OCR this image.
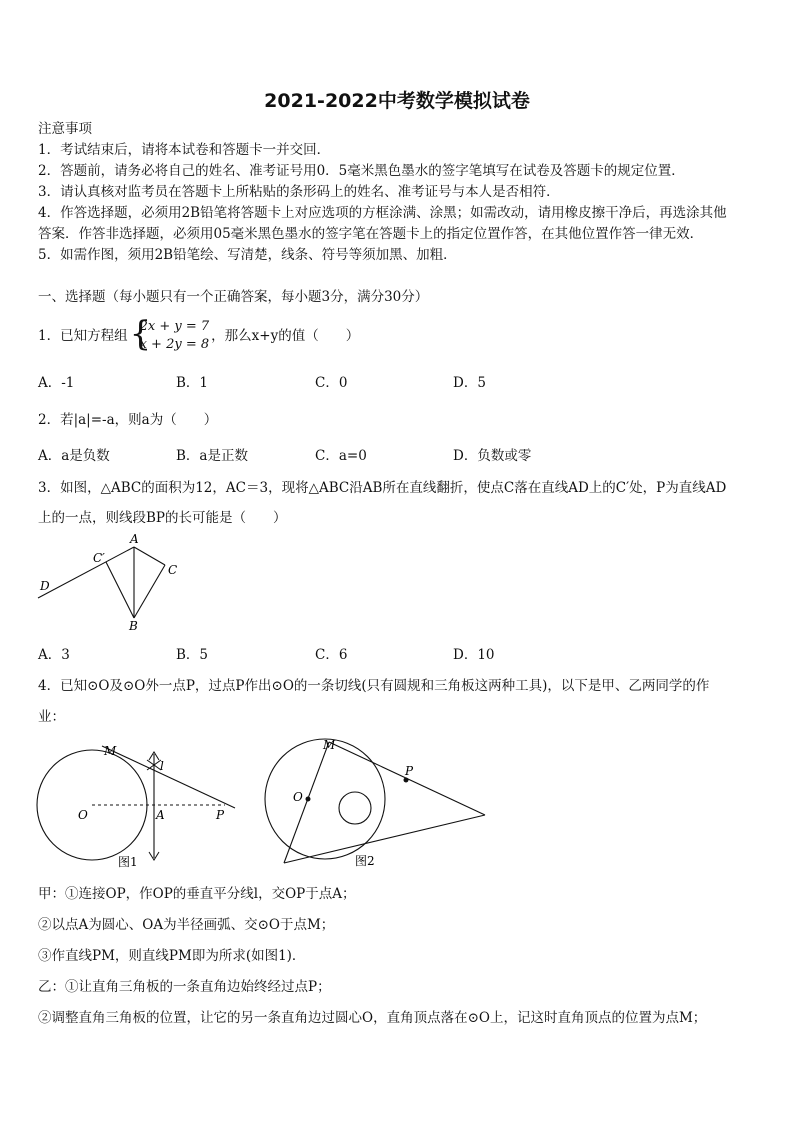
2021-2022中考数学模拟试卷
注意事项
1．考试结束后，请将本试卷和答题卡一并交回．
2．答题前，请务必将自己的姓名、准考证号用0．5毫米黑色墨水的签字笔填写在试卷及答题卡的规定位置．
3．请认真核对监考员在答题卡上所粘贴的条形码上的姓名、准考证号与本人是否相符．
4．作答选择题，必须用2B铅笔将答题卡上对应选项的方框涂满、涂黑；如需改动，请用橡皮擦干净后，再选涂其他
答案．作答非选择题，必须用05毫米黑色墨水的签字笔在答题卡上的指定位置作答，在其他位置作答一律无效．
5．如需作图，须用2B铅笔绘、写清楚，线条、符号等须加黑、加粗．
一、选择题（每小题只有一个正确答案，每小题3分，满分30分）
1．已知方程组 {
2x + y = 7
x + 2y = 8
，那么x+y的值（　　）
A．-1	B．1	C．0	D．5
2．若|a|=-a，则a为（　　）
A．a是负数	B．a是正数	C．a=0	D．负数或零
3．如图，△ABC的面积为12，AC＝3，现将△ABC沿AB所在直线翻折，使点C落在直线AD上的C′处，P为直线AD
上的一点，则线段BP的长可能是（　　）
A
C
C′
D
B
A．3	B．5	C．6	D．10
4．已知⊙O及⊙O外一点P，过点P作出⊙O的一条切线(只有圆规和三角板这两种工具)，以下是甲、乙两同学的作
业：
M
l
O	A	P
图1
M
O
P
图2
甲：①连接OP，作OP的垂直平分线l，交OP于点A；
②以点A为圆心、OA为半径画弧、交⊙O于点M；
③作直线PM，则直线PM即为所求(如图1)．
乙：①让直角三角板的一条直角边始终经过点P；
②调整直角三角板的位置，让它的另一条直角边过圆心O，直角顶点落在⊙O上，记这时直角顶点的位置为点M；
